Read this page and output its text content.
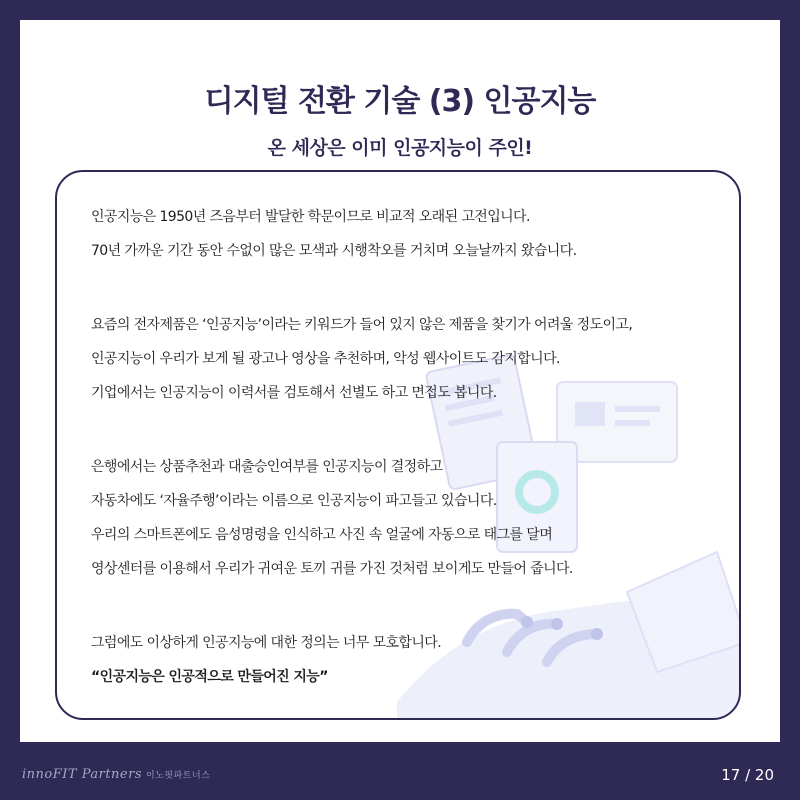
디지털 전환 기술 (3) 인공지능
온 세상은 이미 인공지능이 주인!
인공지능은 1950년 즈음부터 발달한 학문이므로 비교적 오래된 고전입니다.
70년 가까운 기간 동안 수없이 많은 모색과 시행착오를 거치며 오늘날까지 왔습니다.
요즘의 전자제품은 ‘인공지능’이라는 키워드가 들어 있지 않은 제품을 찾기가 어려울 정도이고,
인공지능이 우리가 보게 될 광고나 영상을 추천하며, 악성 웹사이트도 감지합니다.
기업에서는 인공지능이 이력서를 검토해서 선별도 하고 면접도 봅니다.
은행에서는 상품추천과 대출승인여부를 인공지능이 결정하고
자동차에도 ‘자율주행’이라는 이름으로 인공지능이 파고들고 있습니다.
우리의 스마트폰에도 음성명령을 인식하고 사진 속 얼굴에 자동으로 태그를 달며
영상센터를 이용해서 우리가 귀여운 토끼 귀를 가진 것처럼 보이게도 만들어 줍니다.
그럼에도 이상하게 인공지능에 대한 정의는 너무 모호합니다.
“인공지능은 인공적으로 만들어진 지능”
innoFIT Partners 이노핏파트너스	17 / 20
